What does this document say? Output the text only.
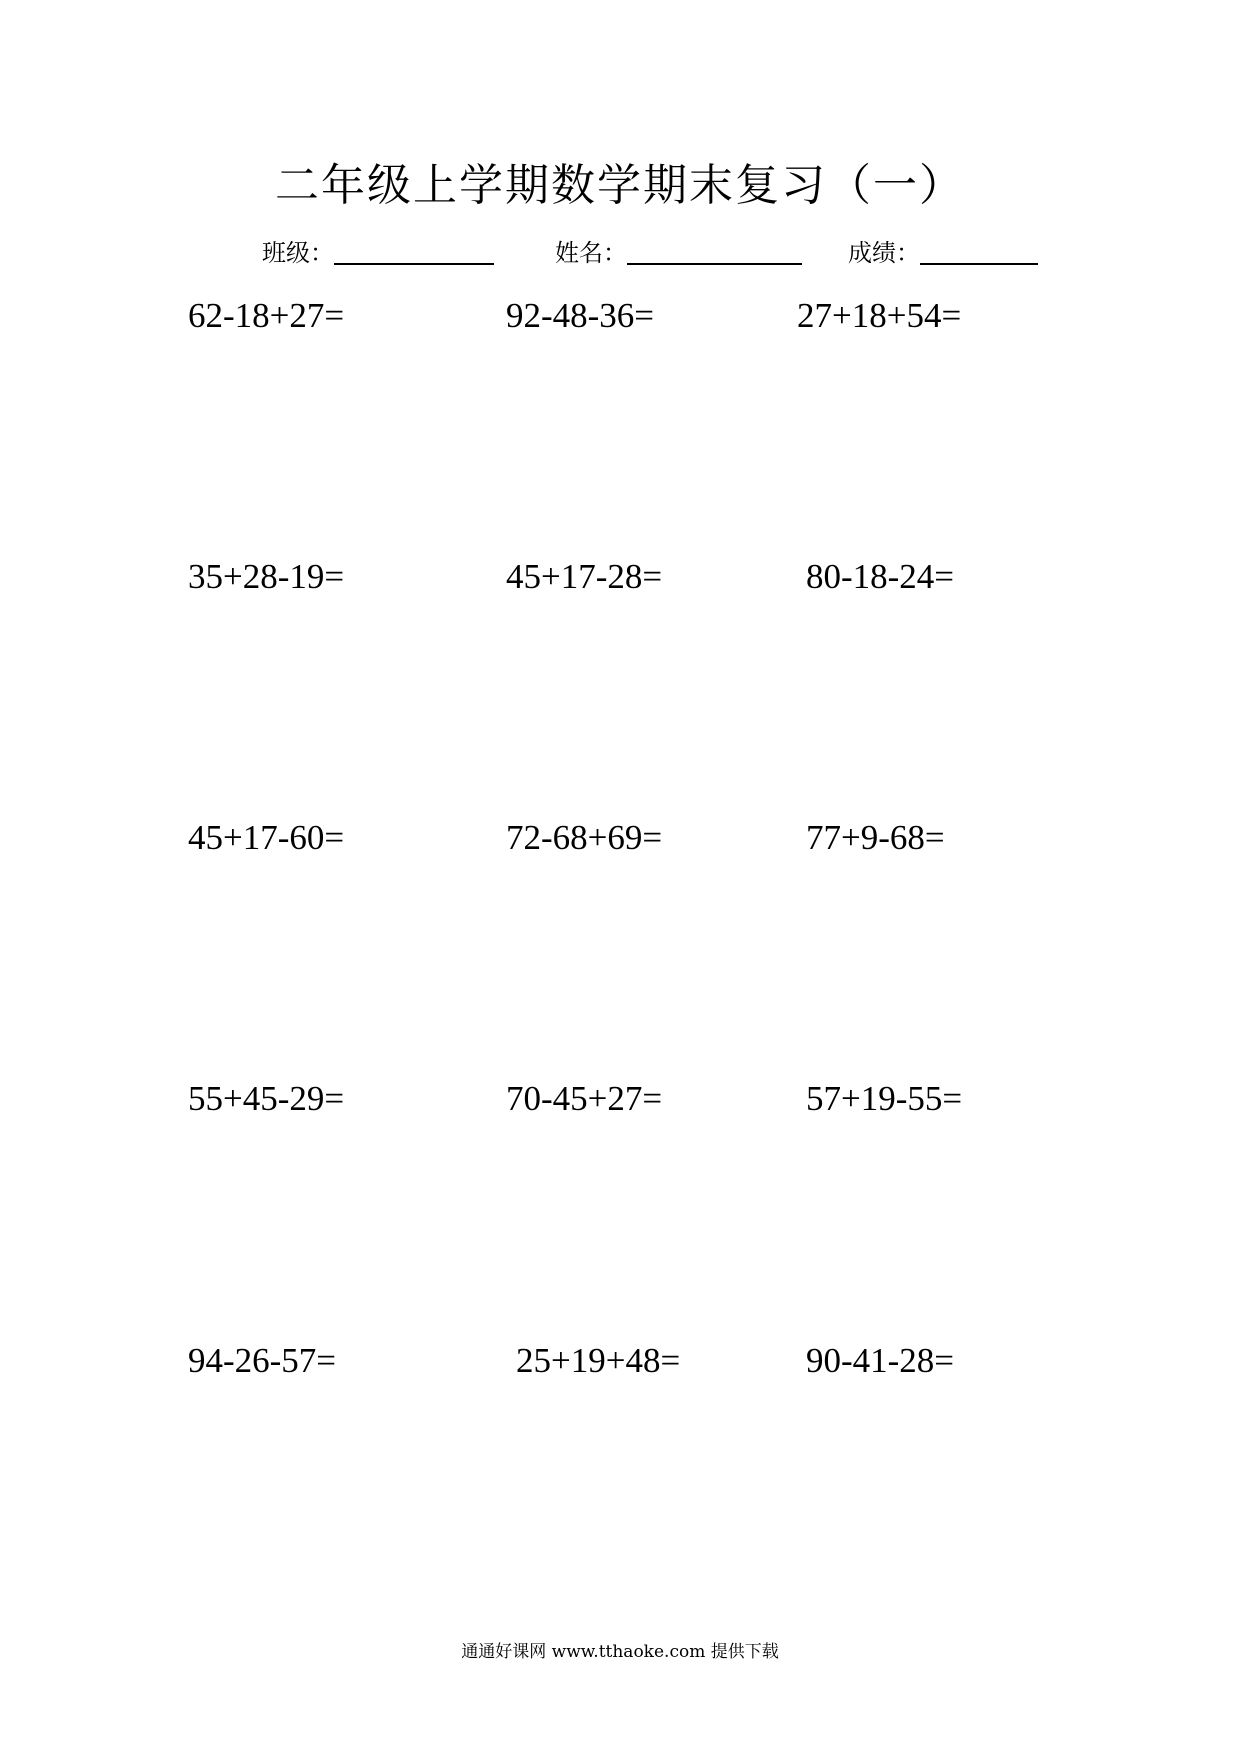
二年级上学期数学期末复习（一）
班级：	姓名：	成绩：
62-18+27=	92-48-36=	27+18+54=
35+28-19=	45+17-28=	80-18-24=
45+17-60=	72-68+69=	77+9-68=
55+45-29=	70-45+27=	57+19-55=
94-26-57=	25+19+48=	90-41-28=
通通好课网 www.tthaoke.com 提供下载
